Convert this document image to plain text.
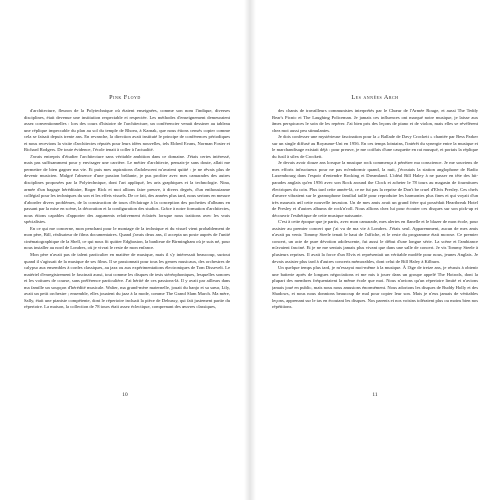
Pink Floyd

d'architecture, fleuron de la Polytechnique où étaient enseignées, comme son nom l'indique, diverses disciplines, était devenue une institution respectable et respectée. Les méthodes d'enseignement demeuraient assez conventionnelles : lors des cours d'histoire de l'architecture, un conférencier venait dessiner au tableau une réplique impeccable du plan au sol du temple de Rhoea, à Karnak, que nous étions censés copier comme cela se faisait depuis trente ans. En revanche, la direction avait instituté le principe de conférences périodiques et nous recevions la visite d'architectes réputés pour leurs idées nouvelles, tels Eldred Evans, Norman Foster et Richard Rodgers. De toute évidence, l'école tenait à coller à l'actualité.

J'avais entrepris d'étudier l'architecture sans véritable ambition dans ce domaine. J'étais certes intéressé, mais pas suffisamment pour y envisager une carrière. Le métier d'architecte, pensais-je sans doute, allait me permettre de bien gagner ma vie. Et puis mes aspirations d'adolescent m'avaient quitté : je ne rêvais plus de devenir musicien. Malgré l'absence d'une passion brûlante, je pus profiter avec mes camarades des autres disciplines proposées par la Polytechnique, dont l'art appliqué, les arts graphiques et la technologie. Nina, armée d'un bagage héréditaire, Roger Rick et moi allions faire preuve, à divers degrés, d'un enthousiasme collégial pour les techniques du son et les effets visuels. De ce fait, des années plus tard, nous serions en mesure d'aborder divers problèmes, de la construction de tours d'éclairage à la conception des pochettes d'albums en passant par la mise en scène, la décoration et la configuration des studios. Grâce à notre formation d'architectes, nous étions capables d'apporter des arguments relativement éclairés lorsque nous traitions avec les vrais spécialistes.

En ce qui me concerne, mon penchant pour le montage de la technique et du visuel vient probablement de mon père, Bill, réalisateur de films documentaires. Quand j'avais deux ans, il accepta un poste auprès de l'unité cinématographique de la Shell, ce qui nous fit quitter Edgbaston, la banlieue de Birmingham où je suis né, pour nous installer au nord de Londres, où je vivrai le reste de mon enfance.

Mon père n'avait pas de talent particulier en matière de musique, mais il s'y intéressait beaucoup, surtout quand il s'agissait de la musique de ses films. Il se passionnait pour tous les genres musicaux, des orchestres de calypso aux ensembles à cordes classiques, au jazz ou aux expérimentations électroniques de Tom Dissevelt. Le matériel d'enregistrement le fascinait aussi, tout comme les disques de tests stéréophoniques, lesquelles sonores et les voitures de course, sans préférence particulière. J'ai hérité de ces passions-là. Il y avait par ailleurs dans ma famille un soupçon d'hérédité musicale. Walter, ma grand-mère maternelle, jouait du banjo et sa sœur, Lily, avait un petit orchestre ; ensemble, elles jouaient du jazz à la mode, comme The Grand Slam March. Ma mère, Sally, était une pianiste compétente, dont le répertoire incluait la pièce de Debussy, qui fait justement partie du répertoire. La maison, la collection de 78 tours était assez éclectique, comprenant des œuvres classiques,

10
Les années Arch

des chants de travailleurs communistes interprétés par le Chœur de l'Armée Rouge, et aussi The Teddy Bear's Picnic et The Laughing Policeman. Je jamais ces influences ont marqué notre musique, je laisse aux âmes perspicaces le soin de les repérer. J'ai bien pris des leçons de piano et de violon, mais elles se révélèrent chez moi aussi peu stimulantes.

Je dois confesser une mystérieuse fascination pour la « Ballade de Davy Crockett » chantée par Bess Parker sur un single diffusé au Royaume-Uni en 1956. En ces temps lointains, l'intérêt du synergie entre la musique et le marchandisage existait déjà : pour preuve, je me coiffais d'une casquette en rat musqué, et portais la réplique du fusil à silex de Crockett.

Je devais avoir douze ans lorsque la musique rock commença à pénétrer ma conscience. Je me souviens de mes efforts infructueux pour ne pas m'endormir quand, la nuit, j'écoutais la station anglophone de Radio Luxembourg dans l'espoir d'entendre Rocking et Dreamland. L'idéal Bill Haley à ne passer en tête des hit-parades anglais qu'en 1956 avec son Rock around the Clock et acheter le 78 tours au magasin de fournitures électriques du coin. Plus tard cette année-là, ce ne fut pas la reprise de Don't be cruel d'Elvis Presley. Ces chefs d'œuvre vibraient sur le gramophone familial taillé pour reproduire les harmonies plus fines et qui voyait d'un très mauvais œil cette nouvelle invasion. Un de mes amis avait un grand frère qui possédait Heartbreak Hotel de Presley et d'autres albums de rock'n'roll. Nous allions chez lui pour écouter ces disques sur son pick-up et découvrir l'esthétique de cette musique naissante.

C'est à cette époque que je partis, avec mon camarade, mes alertes en flanelle et le blazer de mon école, pour assister au premier concert que j'ai vu de ma vie à Londres. J'étais seul. Apparemment, aucun de mes amis n'avait pu venir. Tommy Steele tenait le haut de l'affiche, et le reste du programme était morose. Ce premier concert, un acte de pure dévotion adolescente, fut aussi le début d'une longue série. La scène et l'ambiance m'avaient fasciné. Et je ne me sentais jamais plus vivant que dans une salle de concert. Je vis Tommy Steele à plusieurs reprises. Il avait la force d'un Elvis et représentait un véritable modèle pour nous, jeunes Anglais. Je devais assister plus tard à d'autres concerts mémorables, dont celui de Bill Haley à Kilburn.

Un quelque temps plus tard, je m'essayai moi-même à la musique. À l'âge de treize ans, je réussis à obtenir une batterie après de longues négociations et me mis à jouer dans un groupe appelé The Hotrods, dont la plupart des membres fréquentaient la même école que moi. Nous n'avions qu'un répertoire limité et n'avions jamais joué en public, mais nous nous amusions énormément. Nous adorions les disques de Buddy Holly et des Shadows, et nous nous donnions beaucoup de mal pour copier leur son. Mais je n'eus jamais de véritables leçons, apprenant sur le tas en écoutant les disques. Nos parents et nos voisins toléraient plus ou moins bien nos répétitions.

11
